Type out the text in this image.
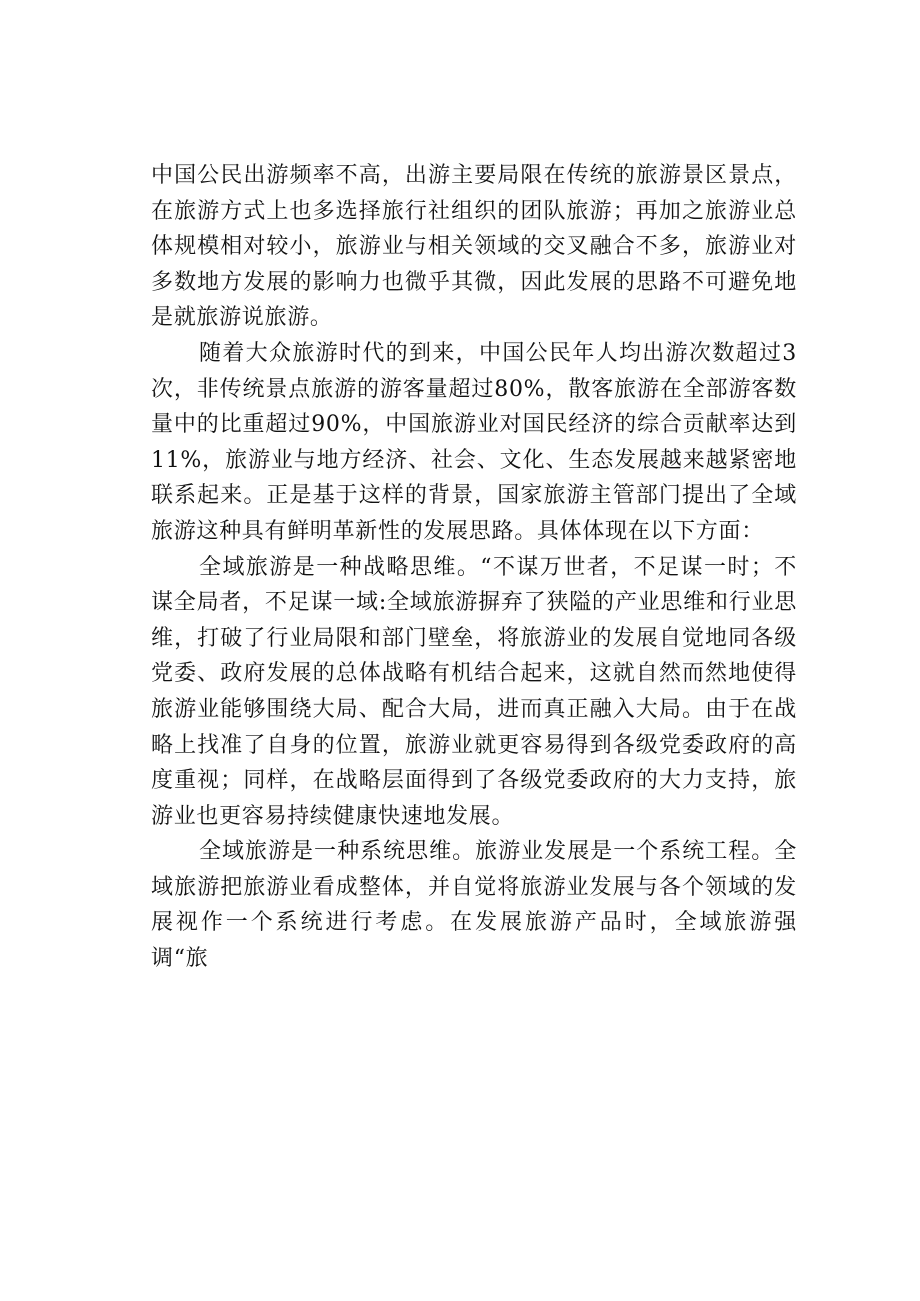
中国公民出游频率不高，出游主要局限在传统的旅游景区景点，在旅游方式上也多选择旅行社组织的团队旅游；再加之旅游业总体规模相对较小，旅游业与相关领域的交叉融合不多，旅游业对多数地方发展的影响力也微乎其微，因此发展的思路不可避免地是就旅游说旅游。

随着大众旅游时代的到来，中国公民年人均出游次数超过3次，非传统景点旅游的游客量超过80%，散客旅游在全部游客数量中的比重超过90%，中国旅游业对国民经济的综合贡献率达到11%，旅游业与地方经济、社会、文化、生态发展越来越紧密地联系起来。正是基于这样的背景，国家旅游主管部门提出了全域旅游这种具有鲜明革新性的发展思路。具体体现在以下方面：

全域旅游是一种战略思维。“不谋万世者，不足谋一时；不谋全局者，不足谋一域:全域旅游摒弃了狭隘的产业思维和行业思维，打破了行业局限和部门壁垒，将旅游业的发展自觉地同各级党委、政府发展的总体战略有机结合起来，这就自然而然地使得旅游业能够围绕大局、配合大局，进而真正融入大局。由于在战略上找准了自身的位置，旅游业就更容易得到各级党委政府的高度重视；同样，在战略层面得到了各级党委政府的大力支持，旅游业也更容易持续健康快速地发展。

全域旅游是一种系统思维。旅游业发展是一个系统工程。全域旅游把旅游业看成整体，并自觉将旅游业发展与各个领域的发展视作一个系统进行考虑。在发展旅游产品时，全域旅游强调“旅
